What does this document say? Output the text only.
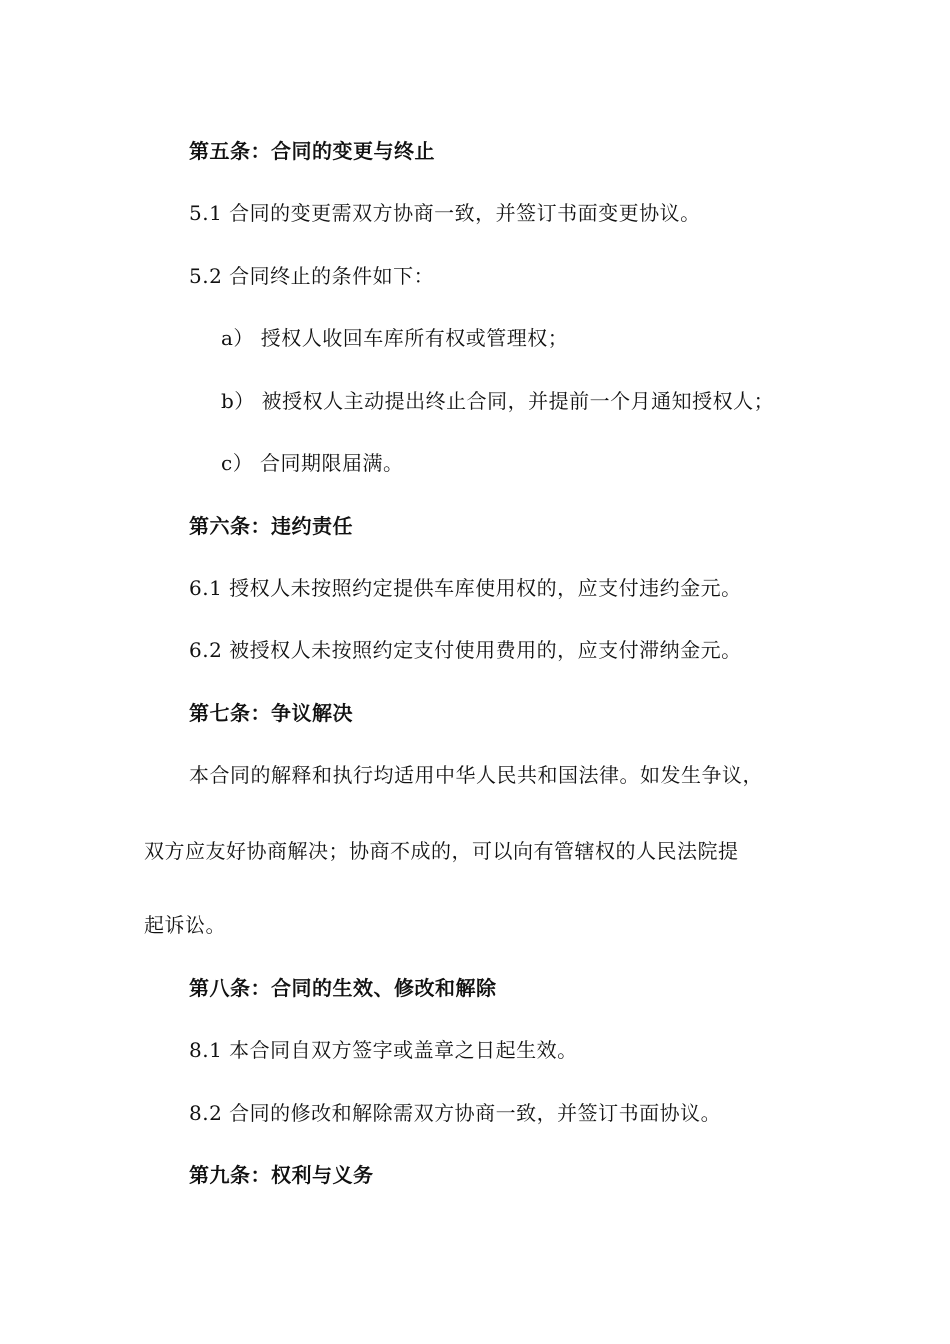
第五条：合同的变更与终止
5.1 合同的变更需双方协商一致，并签订书面变更协议。
5.2 合同终止的条件如下：
a） 授权人收回车库所有权或管理权；
b） 被授权人主动提出终止合同，并提前一个月通知授权人；
c） 合同期限届满。
第六条：违约责任
6.1 授权人未按照约定提供车库使用权的，应支付违约金元。
6.2 被授权人未按照约定支付使用费用的，应支付滞纳金元。
第七条：争议解决
本合同的解释和执行均适用中华人民共和国法律。如发生争议，
双方应友好协商解决；协商不成的，可以向有管辖权的人民法院提
起诉讼。
第八条：合同的生效、修改和解除
8.1 本合同自双方签字或盖章之日起生效。
8.2 合同的修改和解除需双方协商一致，并签订书面协议。
第九条：权利与义务
